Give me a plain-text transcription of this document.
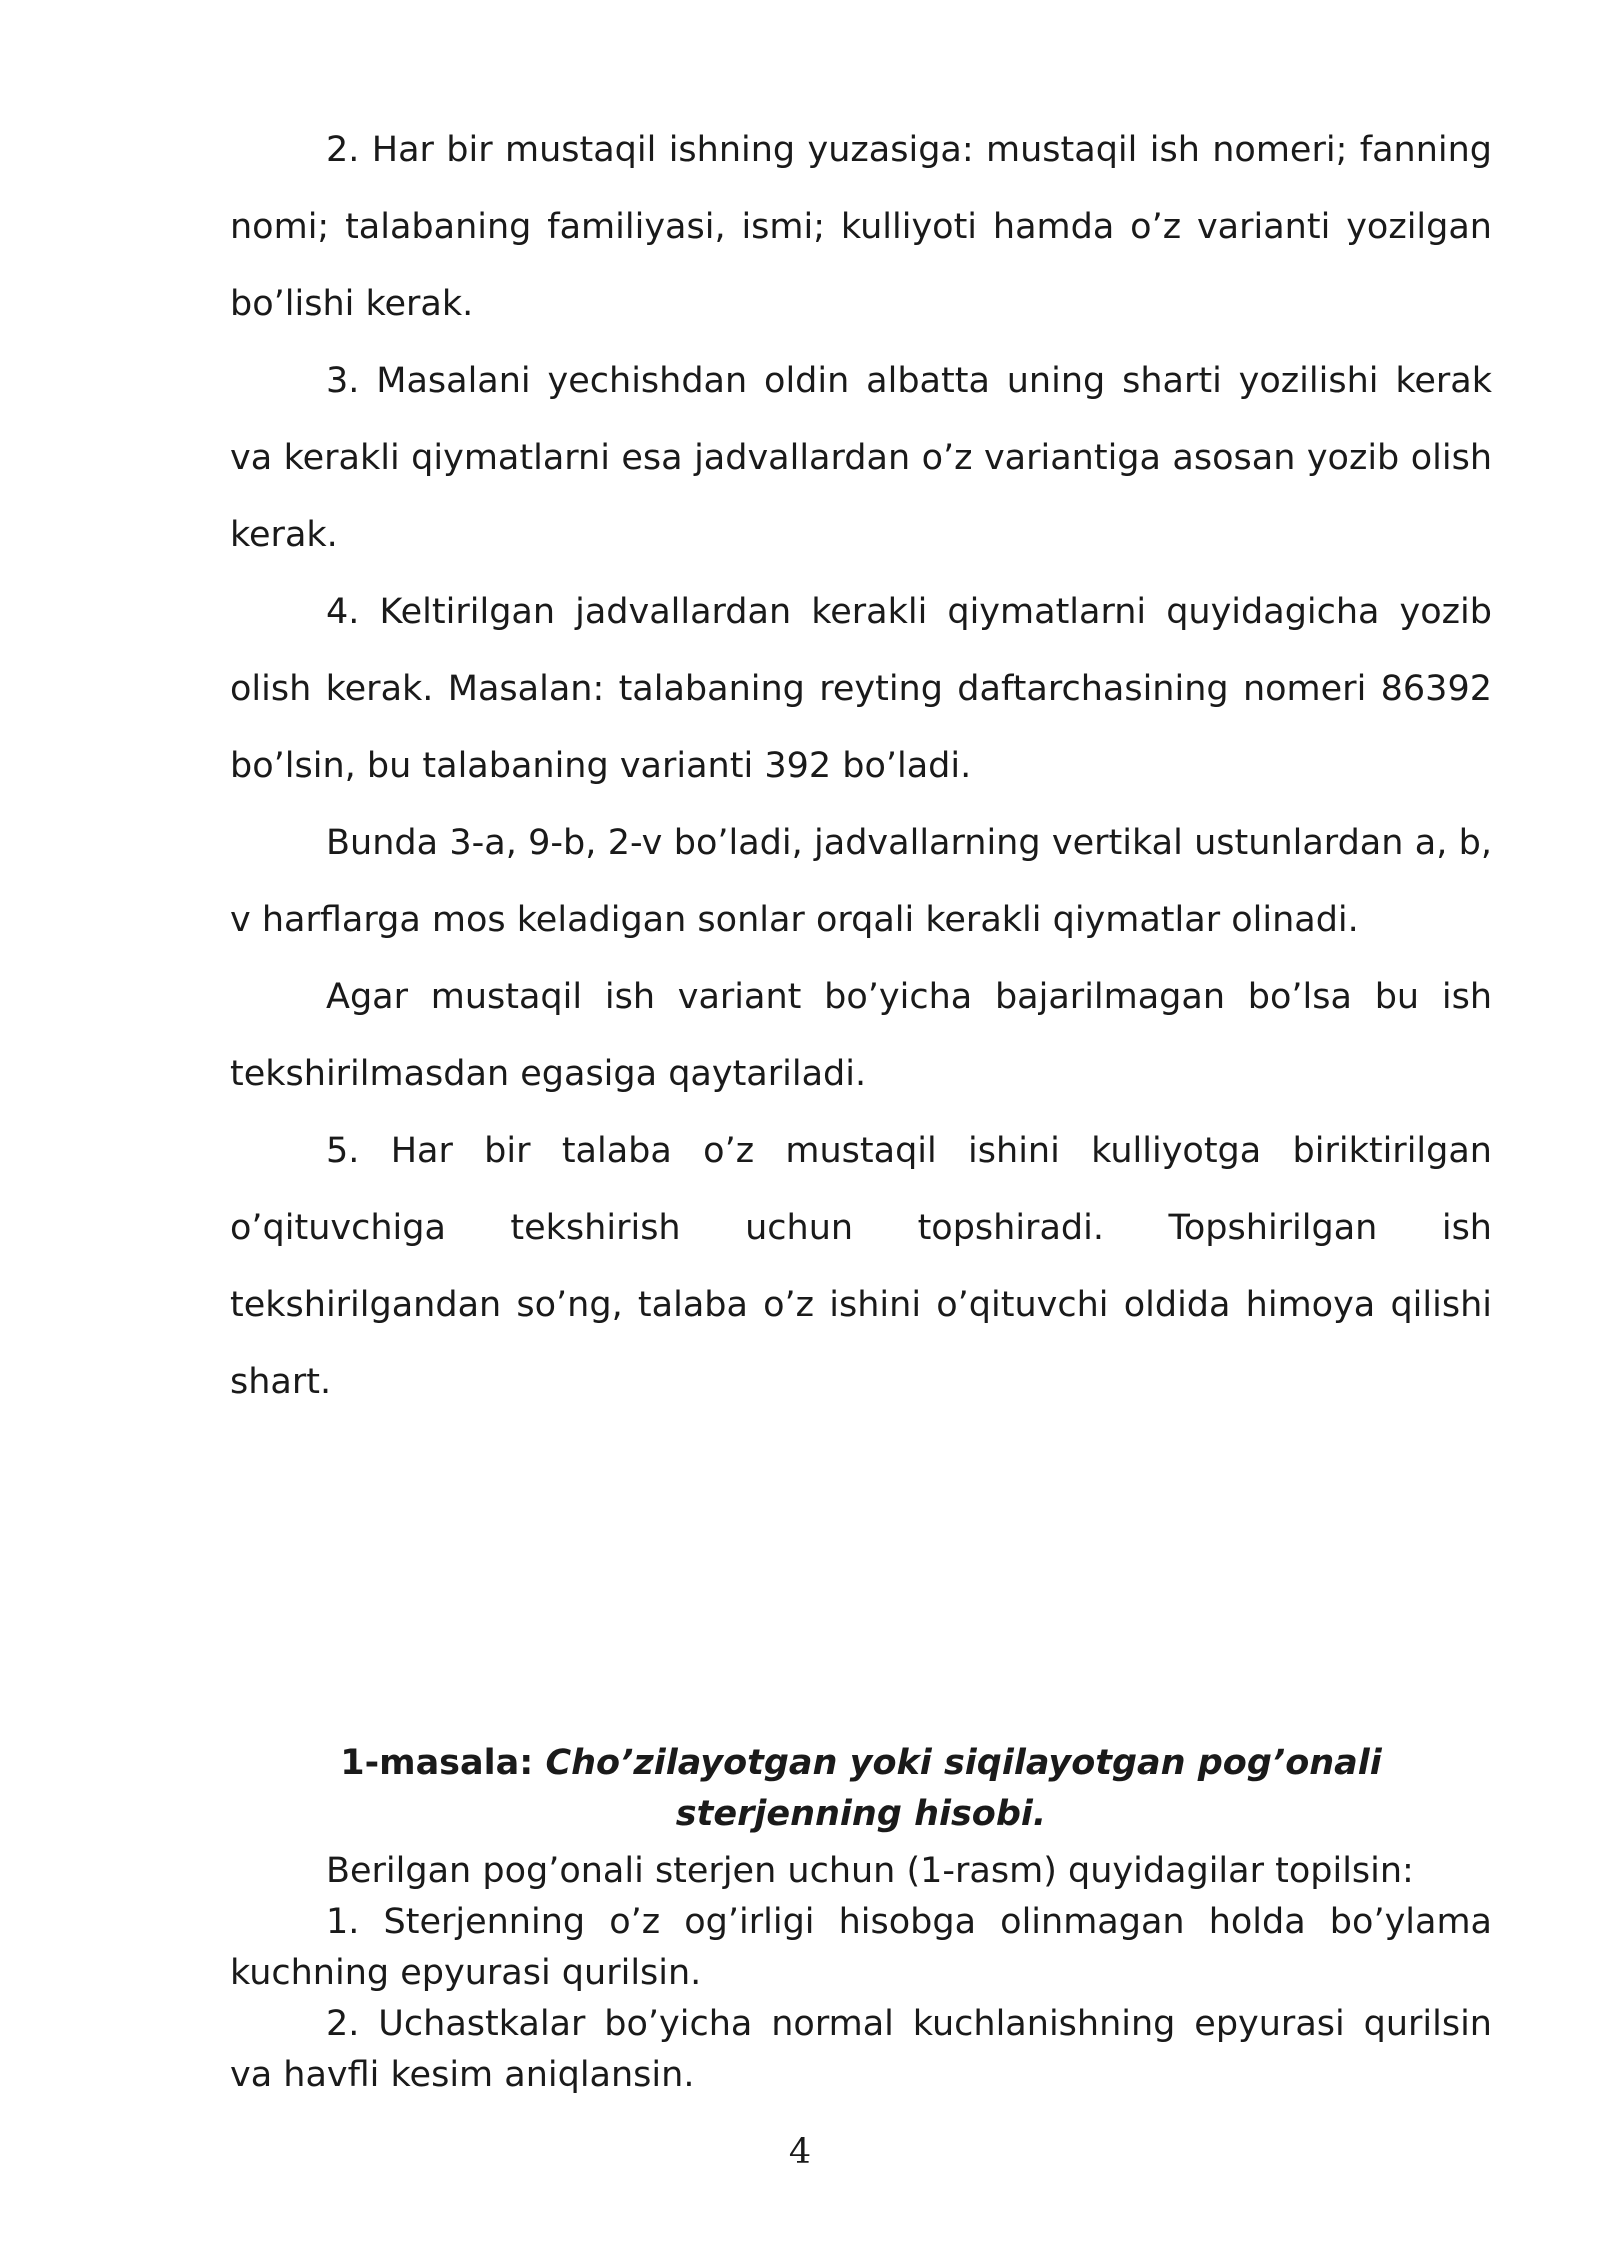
2. Har bir mustaqil ishning yuzasiga: mustaqil ish nomeri; fanning nomi; talabaning familiyasi, ismi; kulliyoti hamda o’z varianti yozilgan bo’lishi kerak.

3. Masalani yechishdan oldin albatta uning sharti yozilishi kerak va kerakli qiymatlarni esa jadvallardan o’z variantiga asosan yozib olish kerak.

4. Keltirilgan jadvallardan kerakli qiymatlarni quyidagicha yozib olish kerak. Masalan: talabaning reyting daftarchasining nomeri 86392 bo’lsin, bu talabaning varianti 392 bo’ladi.

Bunda 3-a, 9-b, 2-v bo’ladi, jadvallarning vertikal ustunlardan a, b, v harflarga mos keladigan sonlar orqali kerakli qiymatlar olinadi.

Agar mustaqil ish variant bo’yicha bajarilmagan bo’lsa bu ish tekshirilmasdan egasiga qaytariladi.

5. Har bir talaba o’z mustaqil ishini kulliyotga biriktirilgan o’qituvchiga tekshirish uchun topshiradi. Topshirilgan ish tekshirilgandan so’ng, talaba o’z ishini o’qituvchi oldida himoya qilishi shart.

1-masala: Cho’zilayotgan yoki siqilayotgan pog’onali
sterjenning hisobi.

Berilgan pog’onali sterjen uchun (1-rasm) quyidagilar topilsin:

1. Sterjenning o’z og’irligi hisobga olinmagan holda bo’ylama kuchning epyurasi qurilsin.

2. Uchastkalar bo’yicha normal kuchlanishning epyurasi qurilsin va havfli kesim aniqlansin.

4
